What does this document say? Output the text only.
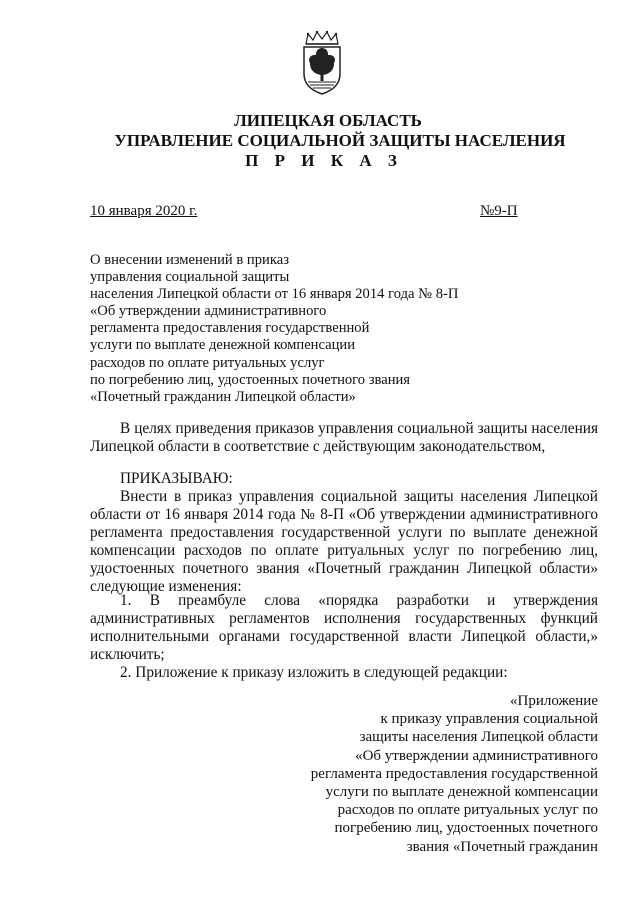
ЛИПЕЦКАЯ ОБЛАСТЬ
УПРАВЛЕНИЕ СОЦИАЛЬНОЙ ЗАЩИТЫ НАСЕЛЕНИЯ
П Р И К А З
10 января 2020 г.	№9-П
О внесении изменений в приказ
управления социальной защиты
населения Липецкой области от 16 января 2014 года № 8-П
«Об утверждении административного
регламента предоставления государственной
услуги по выплате денежной компенсации
расходов по оплате ритуальных услуг
по погребению лиц, удостоенных почетного звания
«Почетный гражданин Липецкой области»
В целях приведения приказов управления социальной защиты населения Липецкой области в соответствие с действующим законодательством,
ПРИКАЗЫВАЮ:
Внести в приказ управления социальной защиты населения Липецкой области от 16 января 2014 года № 8-П «Об утверждении административного регламента предоставления государственной услуги по выплате денежной компенсации расходов по оплате ритуальных услуг по погребению лиц, удостоенных почетного звания «Почетный гражданин Липецкой области» следующие изменения:
1. В преамбуле слова «порядка разработки и утверждения административных регламентов исполнения государственных функций исполнительными органами государственной власти Липецкой области,» исключить;
2. Приложение к приказу изложить в следующей редакции:
«Приложение
к приказу управления социальной
защиты населения Липецкой области
«Об утверждении административного
регламента предоставления государственной
услуги по выплате денежной компенсации
расходов по оплате ритуальных услуг по
погребению лиц, удостоенных почетного
звания «Почетный гражданин
